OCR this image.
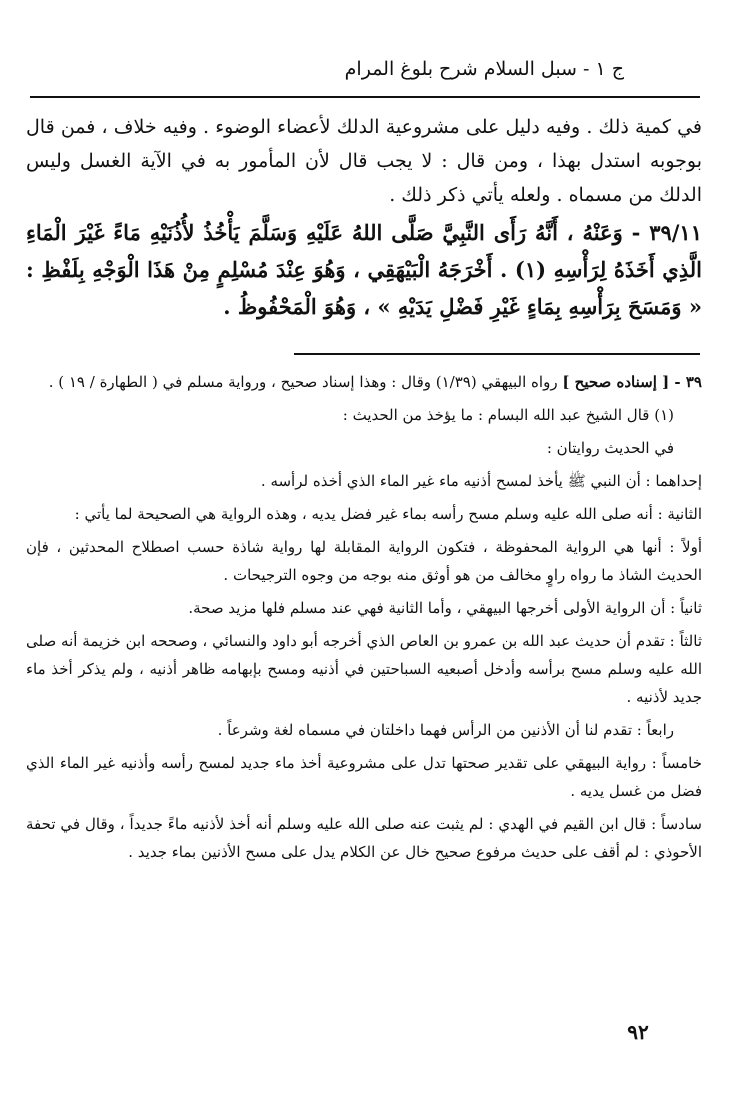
ج ١ - سبل السلام شرح بلوغ المرام

في كمية ذلك . وفيه دليل على مشروعية الدلك لأعضاء الوضوء . وفيه خلاف ، فمن قال بوجوبه استدل بهذا ، ومن قال : لا يجب قال لأن المأمور به في الآية الغسل وليس الدلك من مسماه . ولعله يأتي ذكر ذلك .

٣٩/١١ - وَعَنْهُ ، أَنَّهُ رَأَى النَّبِيَّ صَلَّى اللهُ عَلَيْهِ وَسَلَّمَ يَأْخُذُ لأُذُنَيْهِ مَاءً غَيْرَ الْمَاءِ الَّذِي أَخَذَهُ لِرَأْسِهِ (١) . أَخْرَجَهُ الْبَيْهَقِي ، وَهُوَ عِنْدَ مُسْلِمٍ مِنْ هَذَا الْوَجْهِ بِلَفْظِ : « وَمَسَحَ بِرَأْسِهِ بِمَاءٍ غَيْرِ فَضْلِ يَدَيْهِ » ، وَهُوَ الْمَحْفُوظُ .

٣٩ - [ إسناده صحيح ] رواه البيهقي (١/٣٩) وقال : وهذا إسناد صحيح ، ورواية مسلم في ( الطهارة / ١٩ ) .

(١) قال الشيخ عبد الله البسام : ما يؤخذ من الحديث :

في الحديث روايتان :

إحداهما : أن النبي ﷺ يأخذ لمسح أذنيه ماء غير الماء الذي أخذه لرأسه .

الثانية : أنه صلى الله عليه وسلم مسح رأسه بماء غير فضل يديه ، وهذه الرواية هي الصحيحة لما يأتي :

أولاً : أنها هي الرواية المحفوظة ، فتكون الرواية المقابلة لها رواية شاذة حسب اصطلاح المحدثين ، فإن الحديث الشاذ ما رواه راوٍ مخالف من هو أوثق منه بوجه من وجوه الترجيحات .

ثانياً : أن الرواية الأولى أخرجها البيهقي ، وأما الثانية فهي عند مسلم فلها مزيد صحة.

ثالثاً : تقدم أن حديث عبد الله بن عمرو بن العاص الذي أخرجه أبو داود والنسائي ، وصححه ابن خزيمة أنه صلى الله عليه وسلم مسح برأسه وأدخل أصبعيه السباحتين في أذنيه ومسح بإبهامه ظاهر أذنيه ، ولم يذكر أخذ ماء جديد لأذنيه .

رابعاً : تقدم لنا أن الأذنين من الرأس فهما داخلتان في مسماه لغة وشرعاً .

خامساً : رواية البيهقي على تقدير صحتها تدل على مشروعية أخذ ماء جديد لمسح رأسه وأذنيه غير الماء الذي فضل من غسل يديه .

سادساً : قال ابن القيم في الهدي : لم يثبت عنه صلى الله عليه وسلم أنه أخذ لأذنيه ماءً جديداً ، وقال في تحفة الأحوذي : لم أقف على حديث مرفوع صحيح خال عن الكلام يدل على مسح الأذنين بماء جديد .

٩٢
